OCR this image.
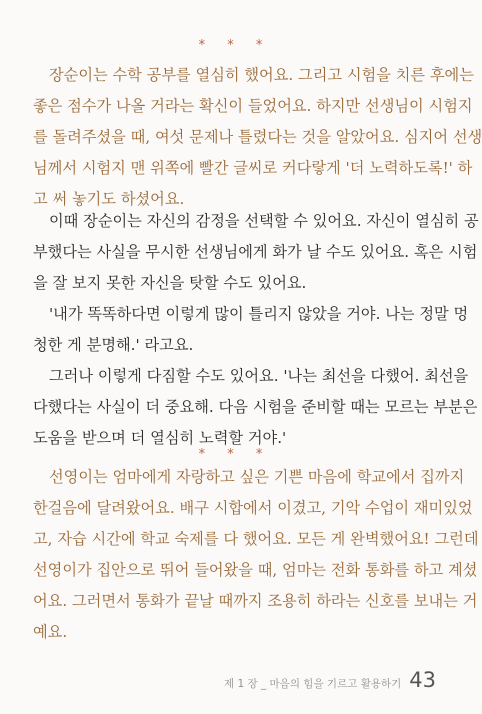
* * *
장순이는 수학 공부를 열심히 했어요. 그리고 시험을 치른 후에는
좋은 점수가 나올 거라는 확신이 들었어요. 하지만 선생님이 시험지
를 돌려주셨을 때, 여섯 문제나 틀렸다는 것을 알았어요. 심지어 선생
님께서 시험지 맨 위쪽에 빨간 글씨로 커다랗게 '더 노력하도록!' 하
고 써 놓기도 하셨어요.
이때 장순이는 자신의 감정을 선택할 수 있어요. 자신이 열심히 공
부했다는 사실을 무시한 선생님에게 화가 날 수도 있어요. 혹은 시험
을 잘 보지 못한 자신을 탓할 수도 있어요.
'내가 똑똑하다면 이렇게 많이 틀리지 않았을 거야. 나는 정말 멍
청한 게 분명해.' 라고요.
그러나 이렇게 다짐할 수도 있어요. '나는 최선을 다했어. 최선을
다했다는 사실이 더 중요해. 다음 시험을 준비할 때는 모르는 부분은
도움을 받으며 더 열심히 노력할 거야.'
* * *
선영이는 엄마에게 자랑하고 싶은 기쁜 마음에 학교에서 집까지
한걸음에 달려왔어요. 배구 시합에서 이겼고, 기악 수업이 재미있었
고, 자습 시간에 학교 숙제를 다 했어요. 모든 게 완벽했어요! 그런데
선영이가 집안으로 뛰어 들어왔을 때, 엄마는 전화 통화를 하고 계셨
어요. 그러면서 통화가 끝날 때까지 조용히 하라는 신호를 보내는 거
예요.
제 1 장 _ 마음의 힘을 기르고 활용하기 43
